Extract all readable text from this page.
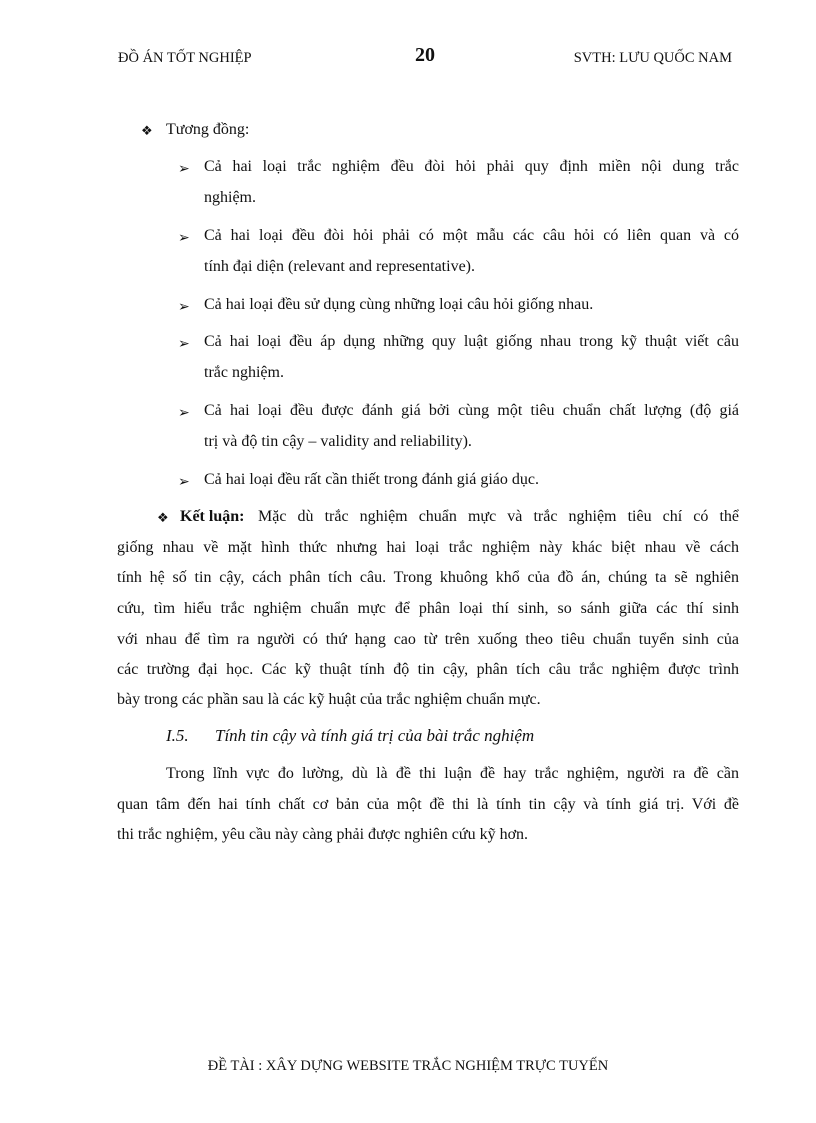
ĐỒ ÁN TỐT NGHIỆP	20	SVTH: LƯU QUỐC NAM
❖ Tương đồng:
➢ Cả hai loại trắc nghiệm đều đòi hỏi phải quy định miền nội dung trắc
nghiệm.
➢ Cả hai loại đều đòi hỏi phải có một mẫu các câu hỏi có liên quan và có
tính đại diện (relevant and representative).
➢ Cả hai loại đều sử dụng cùng những loại câu hỏi giống nhau.
➢ Cả hai loại đều áp dụng những quy luật giống nhau trong kỹ thuật viết câu
trắc nghiệm.
➢ Cả hai loại đều được đánh giá bởi cùng một tiêu chuẩn chất lượng (độ giá
trị và độ tin cậy – validity and reliability).
➢ Cả hai loại đều rất cần thiết trong đánh giá giáo dục.
❖ Kết luận: Mặc dù trắc nghiệm chuẩn mực và trắc nghiệm tiêu chí có thể
giống nhau về mặt hình thức nhưng hai loại trắc nghiệm này khác biệt nhau về cách
tính hệ số tin cậy, cách phân tích câu. Trong khuông khổ của đồ án, chúng ta sẽ nghiên
cứu, tìm hiểu trắc nghiệm chuẩn mực để phân loại thí sinh, so sánh giữa các thí sinh
với nhau để tìm ra người có thứ hạng cao từ trên xuống theo tiêu chuẩn tuyển sinh của
các trường đại học. Các kỹ thuật tính độ tin cậy, phân tích câu trắc nghiệm được trình
bày trong các phần sau là các kỹ huật của trắc nghiệm chuẩn mực.
I.5. Tính tin cậy và tính giá trị của bài trắc nghiệm
Trong lĩnh vực đo lường, dù là đề thi luận đề hay trắc nghiệm, người ra đề cần
quan tâm đến hai tính chất cơ bản của một đề thi là tính tin cậy và tính giá trị. Với đề
thi trắc nghiệm, yêu cầu này càng phải được nghiên cứu kỹ hơn.
ĐỀ TÀI : XÂY DỰNG WEBSITE TRẮC NGHIỆM TRỰC TUYẾN
